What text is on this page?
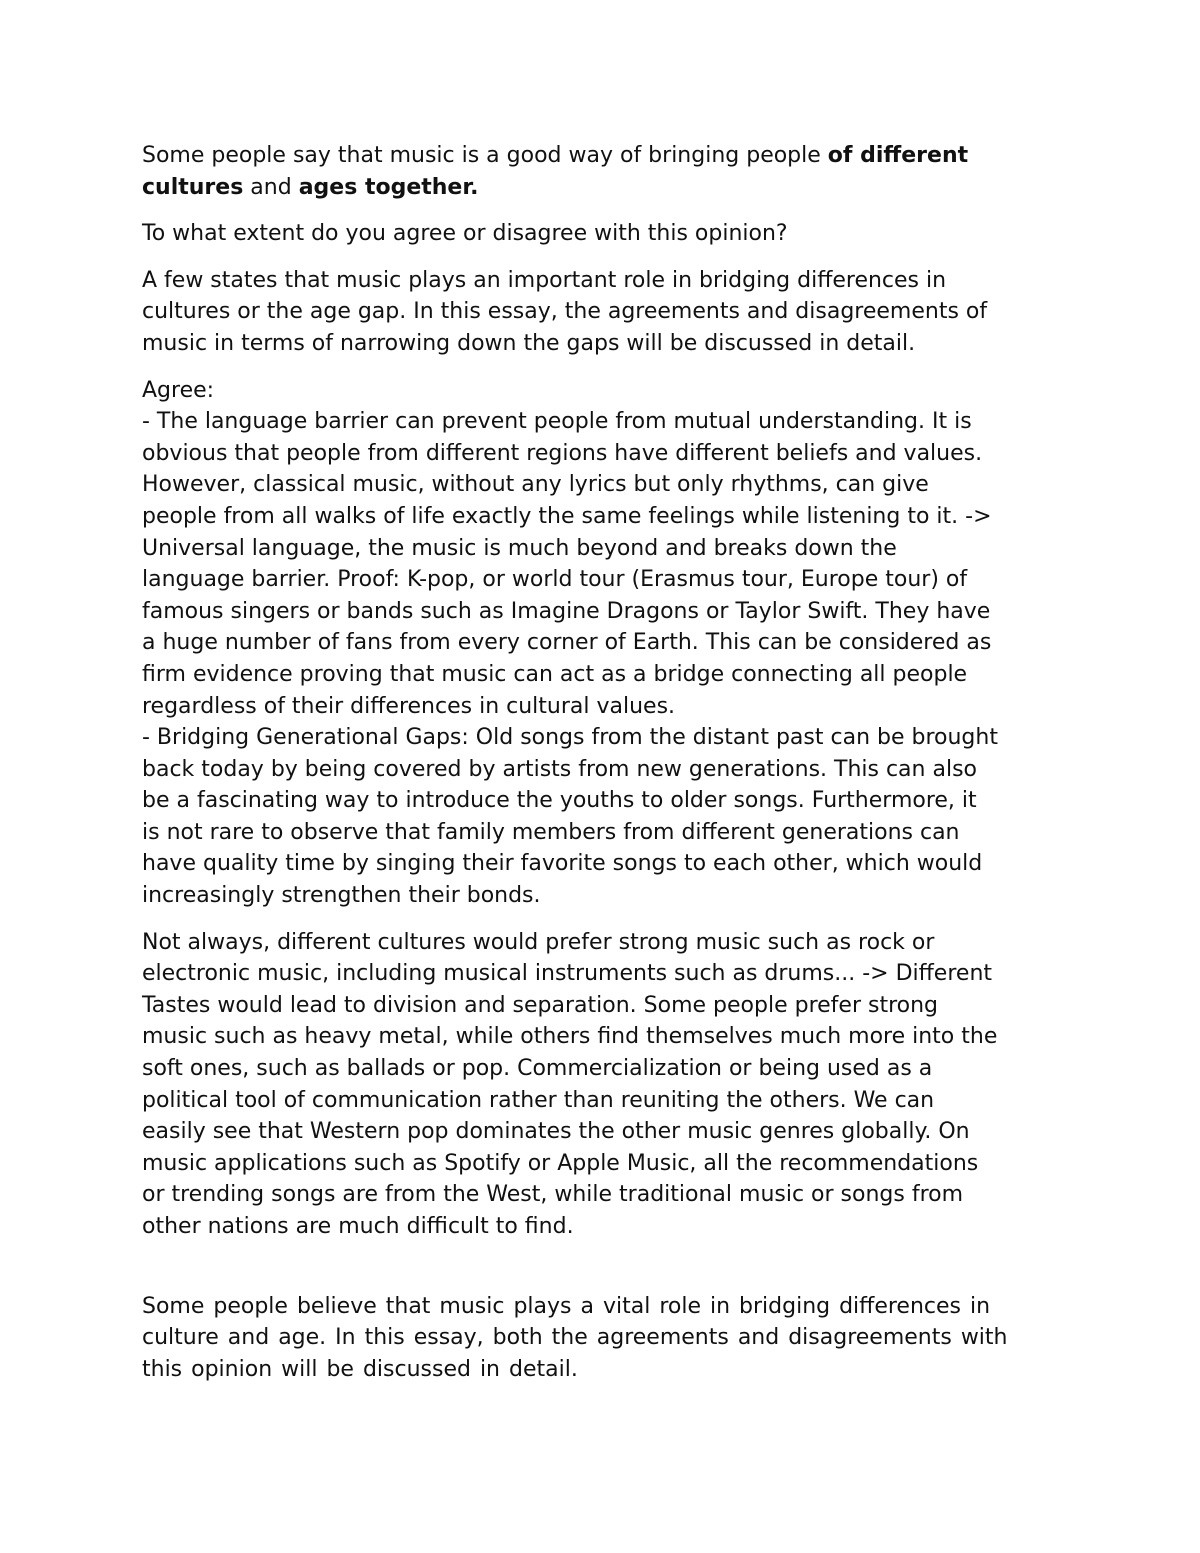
Some people say that music is a good way of bringing people of different
cultures and ages together.

To what extent do you agree or disagree with this opinion?

A few states that music plays an important role in bridging differences in
cultures or the age gap. In this essay, the agreements and disagreements of
music in terms of narrowing down the gaps will be discussed in detail.

Agree:
- The language barrier can prevent people from mutual understanding. It is
obvious that people from different regions have different beliefs and values.
However, classical music, without any lyrics but only rhythms, can give
people from all walks of life exactly the same feelings while listening to it. ->
Universal language, the music is much beyond and breaks down the
language barrier. Proof: K-pop, or world tour (Erasmus tour, Europe tour) of
famous singers or bands such as Imagine Dragons or Taylor Swift. They have
a huge number of fans from every corner of Earth. This can be considered as
firm evidence proving that music can act as a bridge connecting all people
regardless of their differences in cultural values.
- Bridging Generational Gaps: Old songs from the distant past can be brought
back today by being covered by artists from new generations. This can also
be a fascinating way to introduce the youths to older songs. Furthermore, it
is not rare to observe that family members from different generations can
have quality time by singing their favorite songs to each other, which would
increasingly strengthen their bonds.

Not always, different cultures would prefer strong music such as rock or
electronic music, including musical instruments such as drums... -> Different
Tastes would lead to division and separation. Some people prefer strong
music such as heavy metal, while others find themselves much more into the
soft ones, such as ballads or pop. Commercialization or being used as a
political tool of communication rather than reuniting the others. We can
easily see that Western pop dominates the other music genres globally. On
music applications such as Spotify or Apple Music, all the recommendations
or trending songs are from the West, while traditional music or songs from
other nations are much difficult to find.

Some people believe that music plays a vital role in bridging differences in
culture and age. In this essay, both the agreements and disagreements with
this opinion will be discussed in detail.
